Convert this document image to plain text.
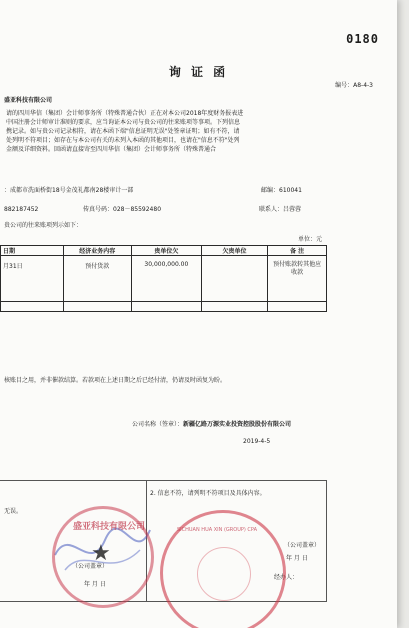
0180
询 证 函
编号：A8-4-3
盛亚科技有限公司
请的四川华信（集团）会计师事务所（特殊普通合伙）正在对本公司2018年度财务报表进
中国注册会计师审计准则的要求，应当询证本公司与贵公司的往来账项等事项。下列信息
携记录。如与贵公司记录相符，请在本函下端"信息证明无误"处签章证明；如有不符，请
处列明不符项目；如存在与本公司有关的未列入本函的其他项目，也请在"信息不符"处列
金额及详细资料。回函请直接寄至四川华信（集团）会计师事务所（特殊普通合
：成都市洗面桥街18号金茂礼都南28楼审计一部	邮编：610041
882187452	传真号码：028－85592480	联系人：吕蓉蓉
贵公司的往来账项列示如下：
单位：元
日期	经济业务内容	贵单位欠	欠贵单位	备 注
月31日	预付货款	30,000,000.00		预付账款转其他应收款

核账目之用，并非催款结算。若款项在上述日期之后已经付清，仍请及时函复为盼。
公司名称（签章）：新疆亿路万源实业投资控股股份有限公司
2019-4-5
无误。
（公司盖章）
年 月 日
2. 信息不符，请列明不符项目及具体内容。
（公司盖章）
年 月 日
经办人：
★
盛亚科技有限公司	SICHUAN HUA XIN (GROUP) CPA
